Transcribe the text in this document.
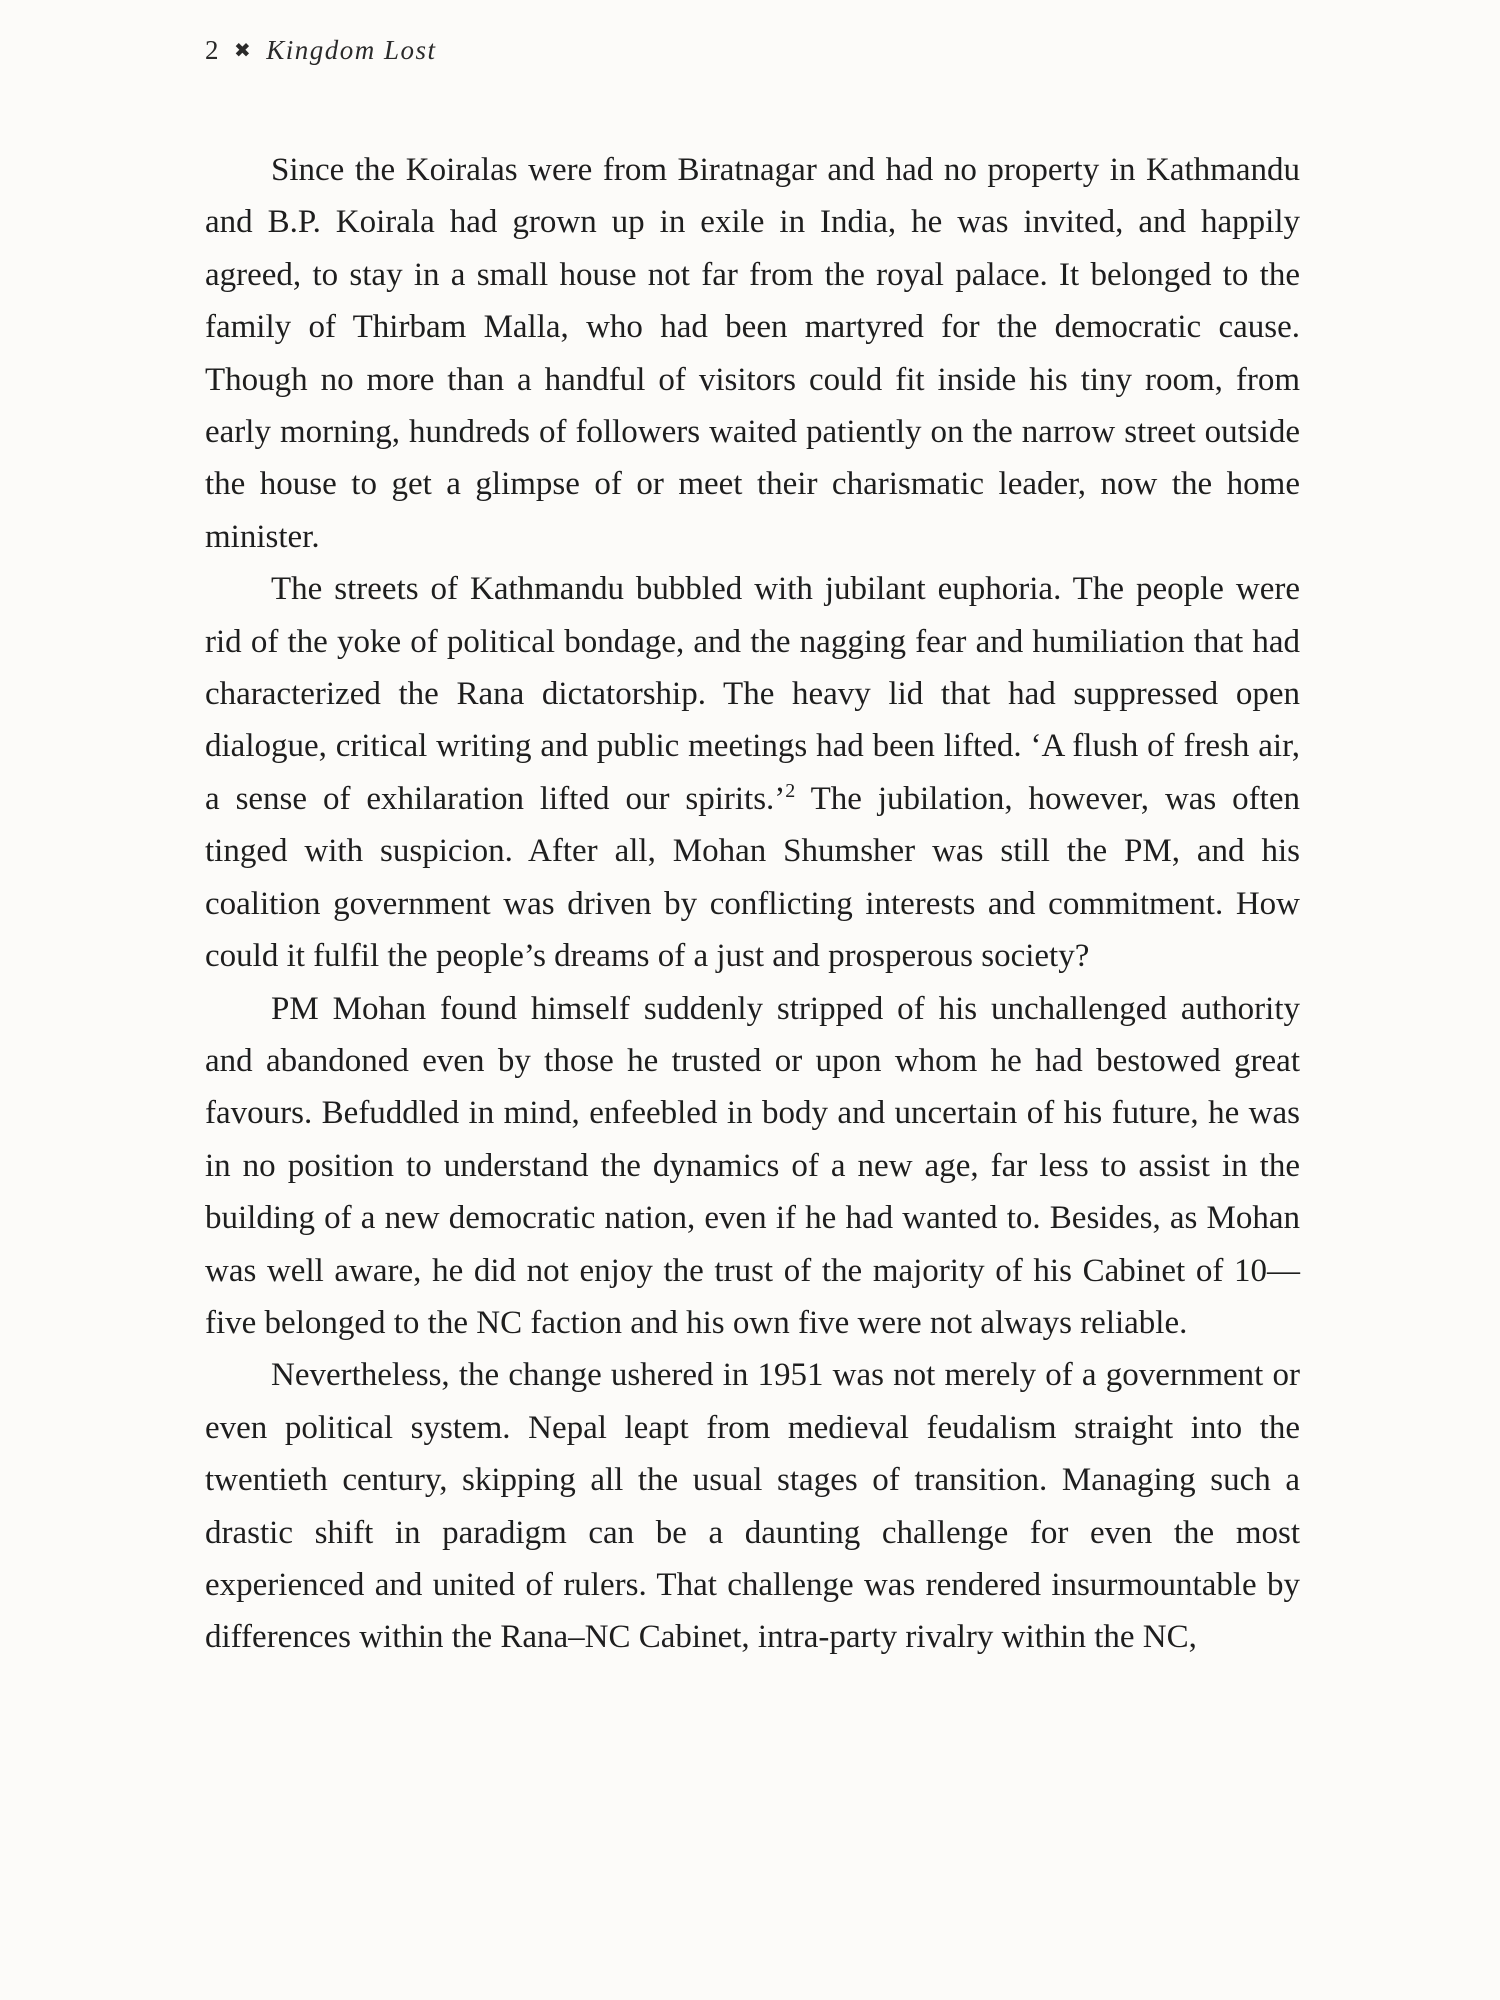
2 ✖ Kingdom Lost

Since the Koiralas were from Biratnagar and had no property in Kathmandu and B.P. Koirala had grown up in exile in India, he was invited, and happily agreed, to stay in a small house not far from the royal palace. It belonged to the family of Thirbam Malla, who had been martyred for the democratic cause. Though no more than a handful of visitors could fit inside his tiny room, from early morning, hundreds of followers waited patiently on the narrow street outside the house to get a glimpse of or meet their charismatic leader, now the home minister.

The streets of Kathmandu bubbled with jubilant euphoria. The people were rid of the yoke of political bondage, and the nagging fear and humiliation that had characterized the Rana dictatorship. The heavy lid that had suppressed open dialogue, critical writing and public meetings had been lifted. ‘A flush of fresh air, a sense of exhilaration lifted our spirits.’$^2$ The jubilation, however, was often tinged with suspicion. After all, Mohan Shumsher was still the PM, and his coalition government was driven by conflicting interests and commitment. How could it fulfil the people’s dreams of a just and prosperous society?

PM Mohan found himself suddenly stripped of his unchallenged authority and abandoned even by those he trusted or upon whom he had bestowed great favours. Befuddled in mind, enfeebled in body and uncertain of his future, he was in no position to understand the dynamics of a new age, far less to assist in the building of a new democratic nation, even if he had wanted to. Besides, as Mohan was well aware, he did not enjoy the trust of the majority of his Cabinet of 10—five belonged to the NC faction and his own five were not always reliable.

Nevertheless, the change ushered in 1951 was not merely of a government or even political system. Nepal leapt from medieval feudalism straight into the twentieth century, skipping all the usual stages of transition. Managing such a drastic shift in paradigm can be a daunting challenge for even the most experienced and united of rulers. That challenge was rendered insurmountable by differences within the Rana–NC Cabinet, intra-party rivalry within the NC,
